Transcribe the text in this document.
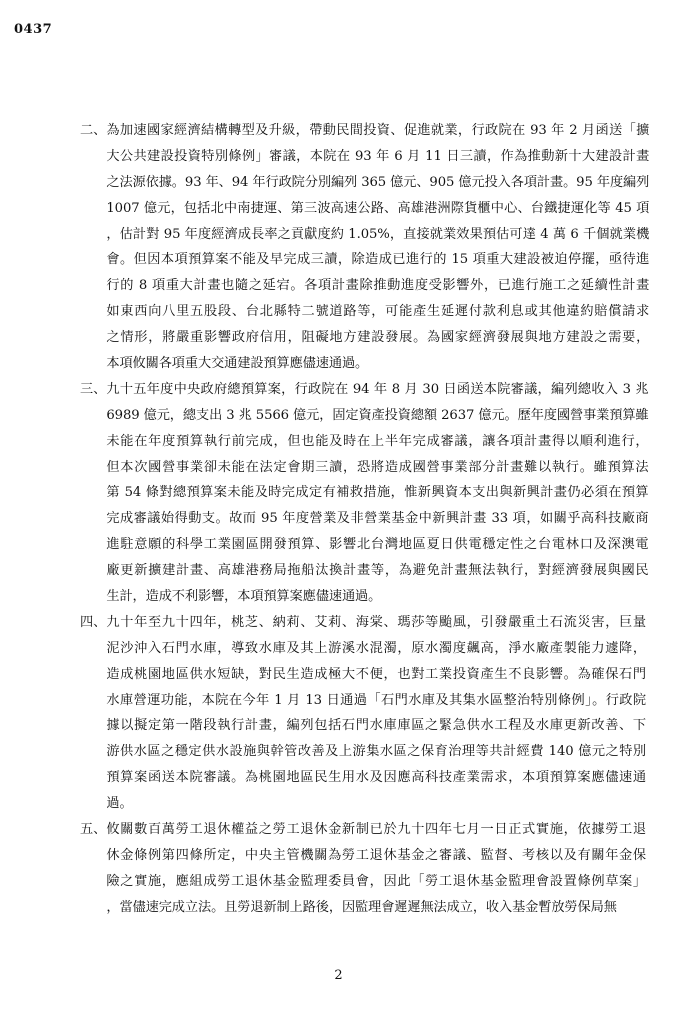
0437
二、 為加速國家經濟結構轉型及升級，帶動民間投資、促進就業，行政院在 93 年 2 月函送「擴
大公共建設投資特別條例」審議，本院在 93 年 6 月 11 日三讀，作為推動新十大建設計畫
之法源依據。93 年、94 年行政院分別編列 365 億元、905 億元投入各項計畫。95 年度編列
1007 億元，包括北中南捷運、第三波高速公路、高雄港洲際貨櫃中心、台鐵捷運化等 45 項
，估計對 95 年度經濟成長率之貢獻度約 1.05%，直接就業效果預估可達 4 萬 6 千個就業機
會。但因本項預算案不能及早完成三讀，除造成已進行的 15 項重大建設被迫停擺，亟待進
行的 8 項重大計畫也隨之延宕。各項計畫除推動進度受影響外，已進行施工之延續性計畫
如東西向八里五股段、台北縣特二號道路等，可能產生延遲付款利息或其他違約賠償請求
之情形，將嚴重影響政府信用，阻礙地方建設發展。為國家經濟發展與地方建設之需要，
本項攸關各項重大交通建設預算應儘速通過。
三、 九十五年度中央政府總預算案，行政院在 94 年 8 月 30 日函送本院審議，編列總收入 3 兆
6989 億元，總支出 3 兆 5566 億元，固定資產投資總額 2637 億元。歷年度國營事業預算雖
未能在年度預算執行前完成，但也能及時在上半年完成審議，讓各項計畫得以順利進行，
但本次國營事業卻未能在法定會期三讀，恐將造成國營事業部分計畫難以執行。雖預算法
第 54 條對總預算案未能及時完成定有補救措施，惟新興資本支出與新興計畫仍必須在預算
完成審議始得動支。故而 95 年度營業及非營業基金中新興計畫 33 項，如關乎高科技廠商
進駐意願的科學工業園區開發預算、影響北台灣地區夏日供電穩定性之台電林口及深澳電
廠更新擴建計畫、高雄港務局拖船汰換計畫等，為避免計畫無法執行，對經濟發展與國民
生計，造成不利影響，本項預算案應儘速通過。
四、 九十年至九十四年，桃芝、納莉、艾莉、海棠、瑪莎等颱風，引發嚴重土石流災害，巨量
泥沙沖入石門水庫，導致水庫及其上游溪水混濁，原水濁度飆高，淨水廠產製能力遽降，
造成桃園地區供水短缺，對民生造成極大不便，也對工業投資產生不良影響。為確保石門
水庫營運功能，本院在今年 1 月 13 日通過「石門水庫及其集水區整治特別條例」。行政院
據以擬定第一階段執行計畫，編列包括石門水庫庫區之緊急供水工程及水庫更新改善、下
游供水區之穩定供水設施與幹管改善及上游集水區之保育治理等共計經費 140 億元之特別
預算案函送本院審議。為桃園地區民生用水及因應高科技產業需求，本項預算案應儘速通
過。
五、 攸關數百萬勞工退休權益之勞工退休金新制已於九十四年七月一日正式實施，依據勞工退
休金條例第四條所定，中央主管機關為勞工退休基金之審議、監督、考核以及有關年金保
險之實施，應組成勞工退休基金監理委員會，因此「勞工退休基金監理會設置條例草案」
，當儘速完成立法。且勞退新制上路後，因監理會遲遲無法成立，收入基金暫放勞保局無
2
